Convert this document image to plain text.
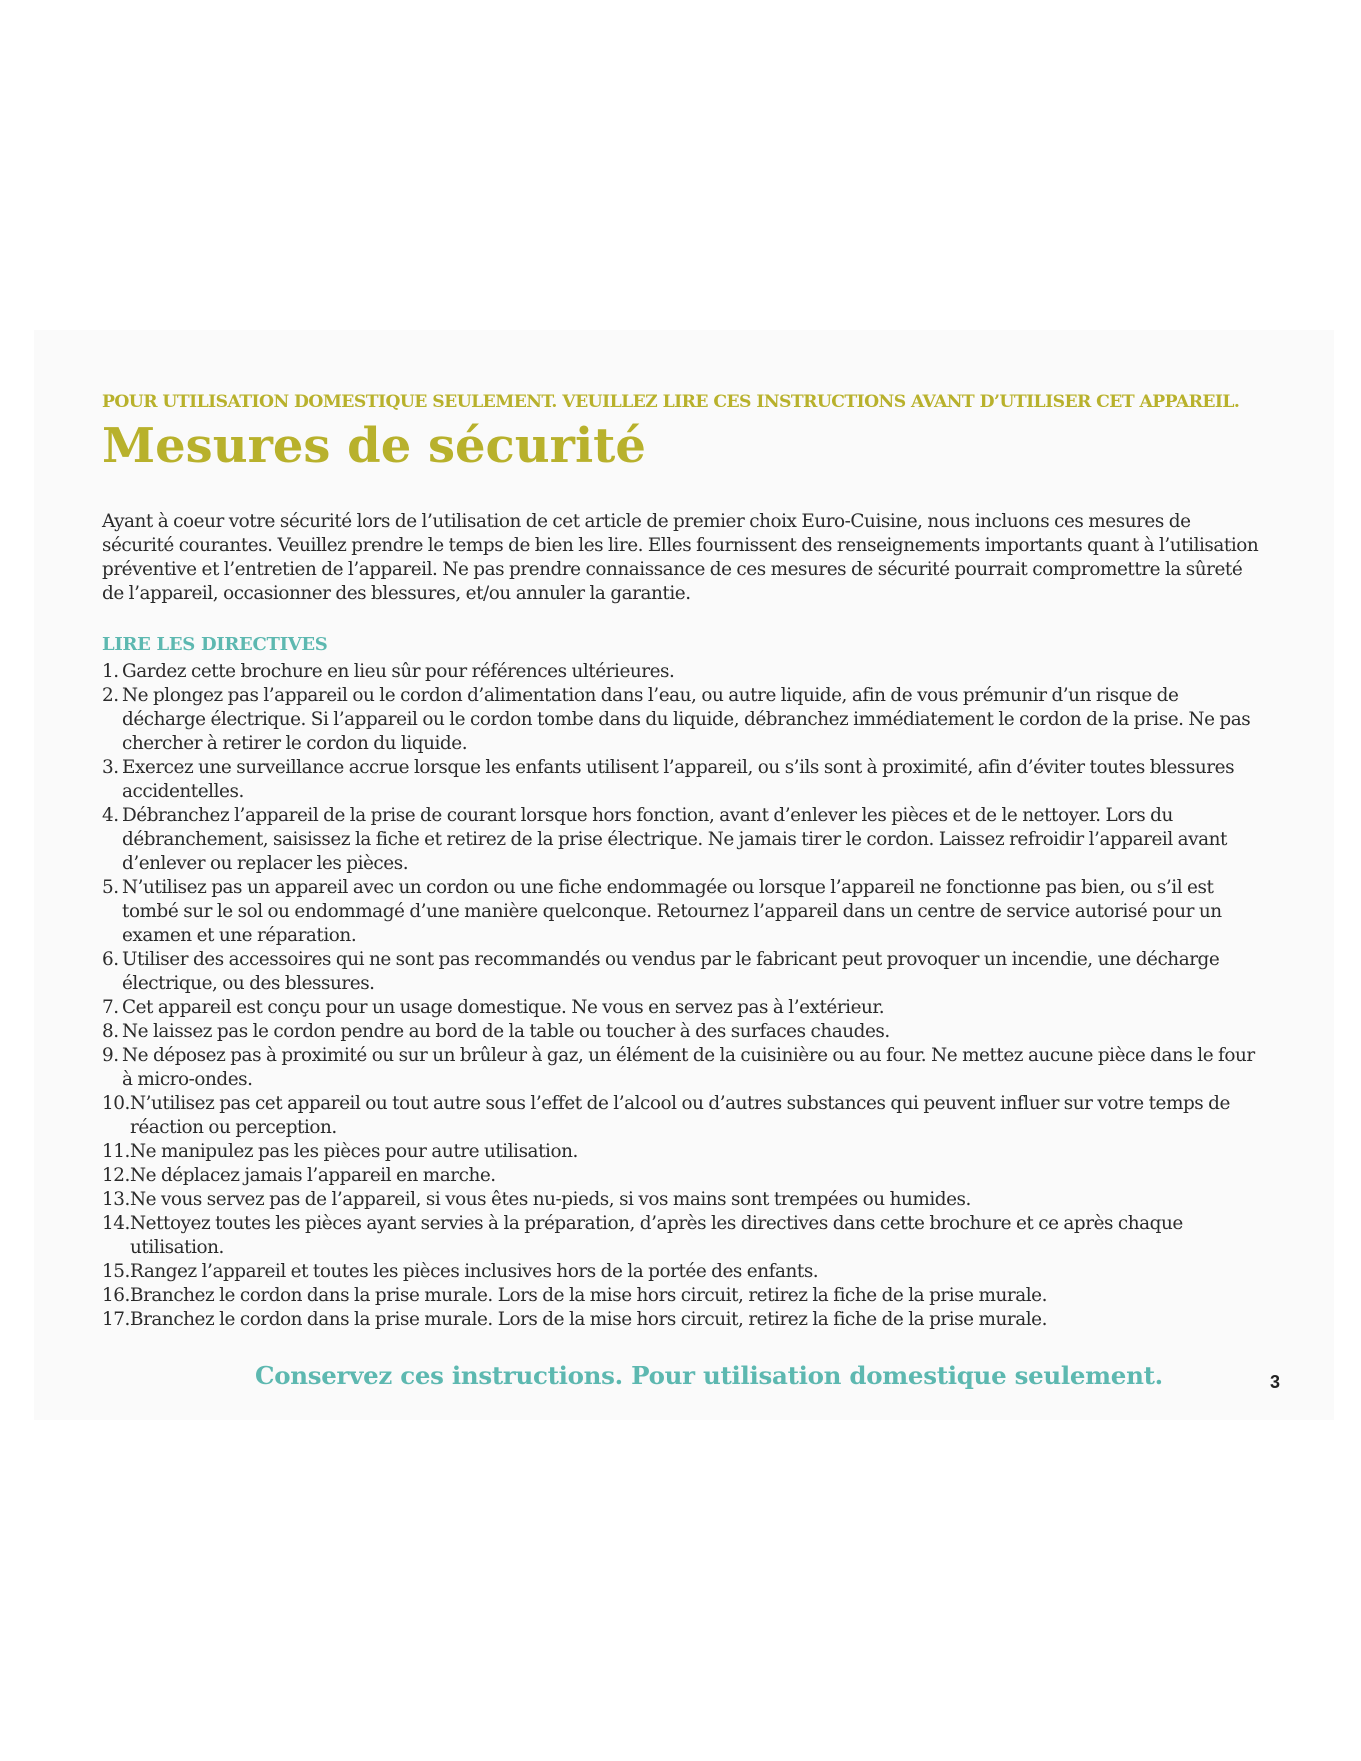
POUR UTILISATION DOMESTIQUE SEULEMENT. VEUILLEZ LIRE CES INSTRUCTIONS AVANT D’UTILISER CET APPAREIL.
Mesures de sécurité

Ayant à coeur votre sécurité lors de l’utilisation de cet article de premier choix Euro-Cuisine, nous incluons ces mesures de sécurité courantes. Veuillez prendre le temps de bien les lire. Elles fournissent des renseignements importants quant à l’utilisation préventive et l’entretien de l’appareil. Ne pas prendre connaissance de ces mesures de sécurité pourrait compromettre la sûreté de l’appareil, occasionner des blessures, et/ou annuler la garantie.

LIRE LES DIRECTIVES
1. Gardez cette brochure en lieu sûr pour références ultérieures.
2. Ne plongez pas l’appareil ou le cordon d’alimentation dans l’eau, ou autre liquide, afin de vous prémunir d’un risque de décharge électrique. Si l’appareil ou le cordon tombe dans du liquide, débranchez immédiatement le cordon de la prise. Ne pas chercher à retirer le cordon du liquide.
3. Exercez une surveillance accrue lorsque les enfants utilisent l’appareil, ou s’ils sont à proximité, afin d’éviter toutes blessures accidentelles.
4. Débranchez l’appareil de la prise de courant lorsque hors fonction, avant d’enlever les pièces et de le nettoyer. Lors du débranchement, saisissez la fiche et retirez de la prise électrique. Ne jamais tirer le cordon. Laissez refroidir l’appareil avant d’enlever ou replacer les pièces.
5. N’utilisez pas un appareil avec un cordon ou une fiche endommagée ou lorsque l’appareil ne fonctionne pas bien, ou s’il est tombé sur le sol ou endommagé d’une manière quelconque. Retournez l’appareil dans un centre de service autorisé pour un examen et une réparation.
6. Utiliser des accessoires qui ne sont pas recommandés ou vendus par le fabricant peut provoquer un incendie, une décharge électrique, ou des blessures.
7. Cet appareil est conçu pour un usage domestique. Ne vous en servez pas à l’extérieur.
8. Ne laissez pas le cordon pendre au bord de la table ou toucher à des surfaces chaudes.
9. Ne déposez pas à proximité ou sur un brûleur à gaz, un élément de la cuisinière ou au four. Ne mettez aucune pièce dans le four à micro-ondes.
10. N’utilisez pas cet appareil ou tout autre sous l’effet de l’alcool ou d’autres substances qui peuvent influer sur votre temps de réaction ou perception.
11. Ne manipulez pas les pièces pour autre utilisation.
12. Ne déplacez jamais l’appareil en marche.
13. Ne vous servez pas de l’appareil, si vous êtes nu-pieds, si vos mains sont trempées ou humides.
14. Nettoyez toutes les pièces ayant servies à la préparation, d’après les directives dans cette brochure et ce après chaque utilisation.
15. Rangez l’appareil et toutes les pièces inclusives hors de la portée des enfants.
16. Branchez le cordon dans la prise murale. Lors de la mise hors circuit, retirez la fiche de la prise murale.
17. Branchez le cordon dans la prise murale. Lors de la mise hors circuit, retirez la fiche de la prise murale.
Conservez ces instructions. Pour utilisation domestique seulement.	3
